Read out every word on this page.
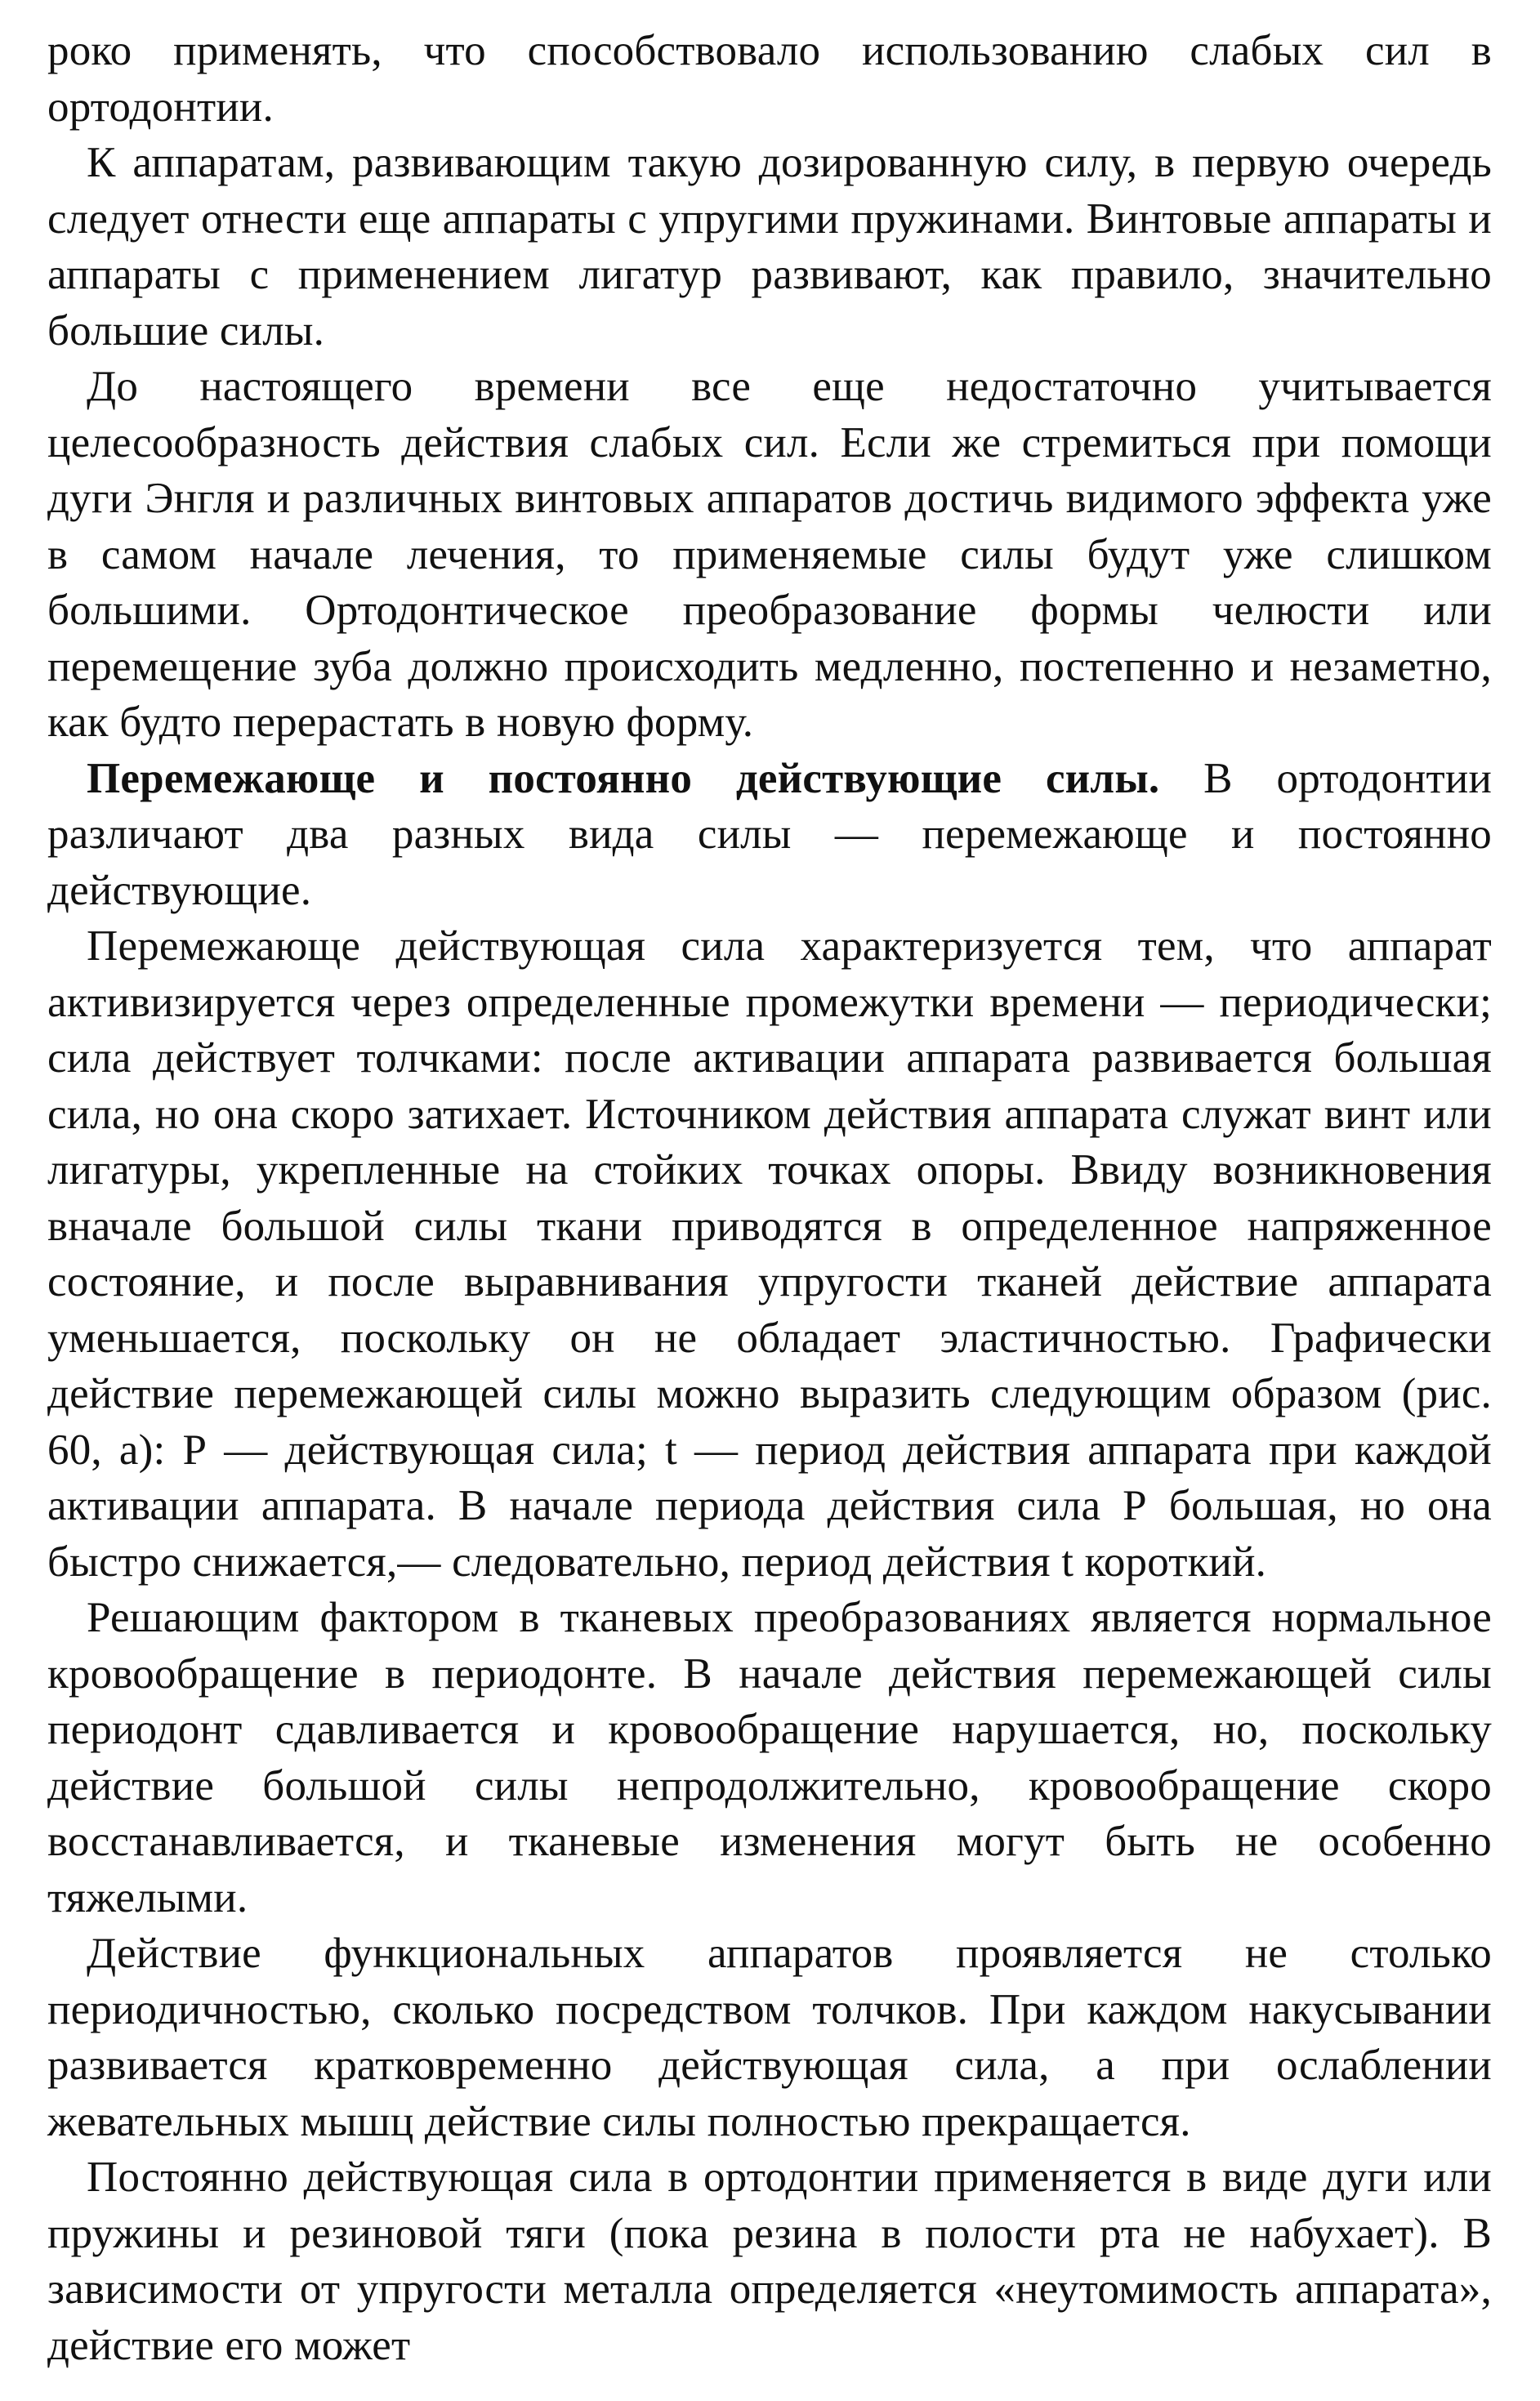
роко применять, что способствовало использованию слабых сил в ортодонтии.

К аппаратам, развивающим такую дозированную силу, в первую очередь следует отнести еще аппараты с упругими пружинами. Винтовые аппараты и аппараты с применением лигатур развивают, как правило, значительно большие силы.

До настоящего времени все еще недостаточно учитывается целесообразность действия слабых сил. Если же стремиться при помощи дуги Энгля и различных винтовых аппаратов достичь видимого эффекта уже в самом начале лечения, то применяемые силы будут уже слишком большими. Ортодонтическое преобразование формы челюсти или перемещение зуба должно происходить медленно, постепенно и незаметно, как будто перерастать в новую форму.

Перемежающе и постоянно действующие силы. В ортодонтии различают два разных вида силы — перемежающе и постоянно действующие.

Перемежающе действующая сила характеризуется тем, что аппарат активизируется через определенные промежутки времени — периодически; сила действует толчками: после активации аппарата развивается большая сила, но она скоро затихает. Источником действия аппарата служат винт или лигатуры, укрепленные на стойких точках опоры. Ввиду возникновения вначале большой силы ткани приводятся в определенное напряженное состояние, и после выравнивания упругости тканей действие аппарата уменьшается, поскольку он не обладает эластичностью. Графически действие перемежающей силы можно выразить следующим образом (рис. 60, а): Р — действующая сила; t — период действия аппарата при каждой активации аппарата. В начале периода действия сила Р большая, но она быстро снижается,— следовательно, период действия t короткий.

Решающим фактором в тканевых преобразованиях является нормальное кровообращение в периодонте. В начале действия перемежающей силы периодонт сдавливается и кровообращение нарушается, но, поскольку действие большой силы непродолжительно, кровообращение скоро восстанавливается, и тканевые изменения могут быть не особенно тяжелыми.

Действие функциональных аппаратов проявляется не столько периодичностью, сколько посредством толчков. При каждом накусывании развивается кратковременно действующая сила, а при ослаблении жевательных мышц действие силы полностью прекращается.

Постоянно действующая сила в ортодонтии применяется в виде дуги или пружины и резиновой тяги (пока резина в полости рта не набухает). В зависимости от упругости металла определяется «неутомимость аппарата», действие его может
